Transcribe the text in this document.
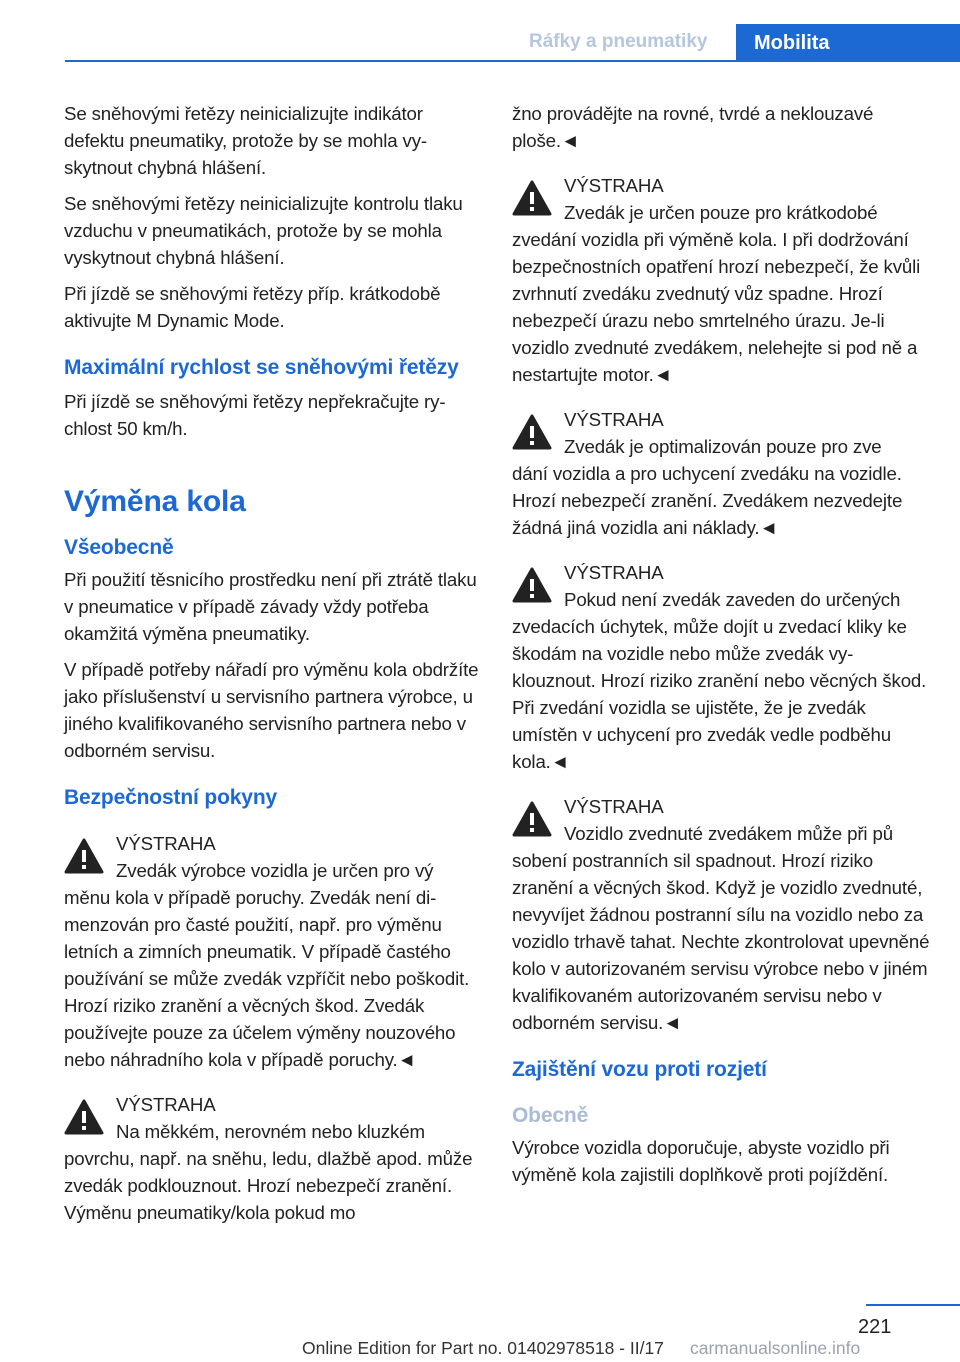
Ráfky a pneumatiky	Mobilita

Se sněhovými řetězy neinicializujte indikátor defektu pneumatiky, protože by se mohla vyskytnout chybná hlášení.

Se sněhovými řetězy neinicializujte kontrolu tlaku vzduchu v pneumatikách, protože by se mohla vyskytnout chybná hlášení.

Při jízdě se sněhovými řetězy příp. krátkodobě aktivujte M Dynamic Mode.

Maximální rychlost se sněhovými řetězy

Při jízdě se sněhovými řetězy nepřekračujte rychlost 50 km/h.

Výměna kola
Všeobecně

Při použití těsnicího prostředku není při ztrátě tlaku v pneumatice v případě závady vždy potřeba okamžitá výměna pneumatiky.

V případě potřeby nářadí pro výměnu kola obdržíte jako příslušenství u servisního partnera výrobce, u jiného kvalifikovaného servisního partnera nebo v odborném servisu.

Bezpečnostní pokyny
VÝSTRAHA
Zvedák výrobce vozidla je určen pro vý
měnu kola v případě poruchy. Zvedák není dimenzován pro časté použití, např. pro výměnu letních a zimních pneumatik. V případě častého používání se může zvedák vzpříčit nebo poškodit. Hrozí riziko zranění a věcných škod. Zvedák používejte pouze za účelem výměny nouzového nebo náhradního kola v případě poruchy.◄
VÝSTRAHA
Na měkkém, nerovném nebo kluzkém
povrchu, např. na sněhu, ledu, dlažbě apod. může zvedák podklouznout. Hrozí nebezpečí zranění. Výměnu pneumatiky/kola pokud mo

žno provádějte na rovné, tvrdé a neklouzavé ploše.◄

VÝSTRAHA
Zvedák je určen pouze pro krátkodobé
zvedání vozidla při výměně kola. I při dodržování bezpečnostních opatření hrozí nebezpečí, že kvůli zvrhnutí zvedáku zvednutý vůz spadne. Hrozí nebezpečí úrazu nebo smrtelného úrazu. Je-li vozidlo zvednuté zvedákem, nelehejte si pod ně a nestartujte motor.◄
VÝSTRAHA
Zvedák je optimalizován pouze pro zve
dání vozidla a pro uchycení zvedáku na vozidle. Hrozí nebezpečí zranění. Zvedákem nezvedejte žádná jiná vozidla ani náklady.◄
VÝSTRAHA
Pokud není zvedák zaveden do určených
zvedacích úchytek, může dojít u zvedací kliky ke škodám na vozidle nebo může zvedák vyklouznout. Hrozí riziko zranění nebo věcných škod. Při zvedání vozidla se ujistěte, že je zvedák umístěn v uchycení pro zvedák vedle podběhu kola.◄
VÝSTRAHA
Vozidlo zvednuté zvedákem může při pů
sobení postranních sil spadnout. Hrozí riziko zranění a věcných škod. Když je vozidlo zvednuté, nevyvíjet žádnou postranní sílu na vozidlo nebo za vozidlo trhavě tahat. Nechte zkontrolovat upevněné kolo v autorizovaném servisu výrobce nebo v jiném kvalifikovaném autorizovaném servisu nebo v odborném servisu.◄
Zajištění vozu proti rozjetí
Obecně

Výrobce vozidla doporučuje, abyste vozidlo při výměně kola zajistili doplňkově proti pojíždění.

221
Online Edition for Part no. 01402978518 - II/17 carmanualsonline.info
